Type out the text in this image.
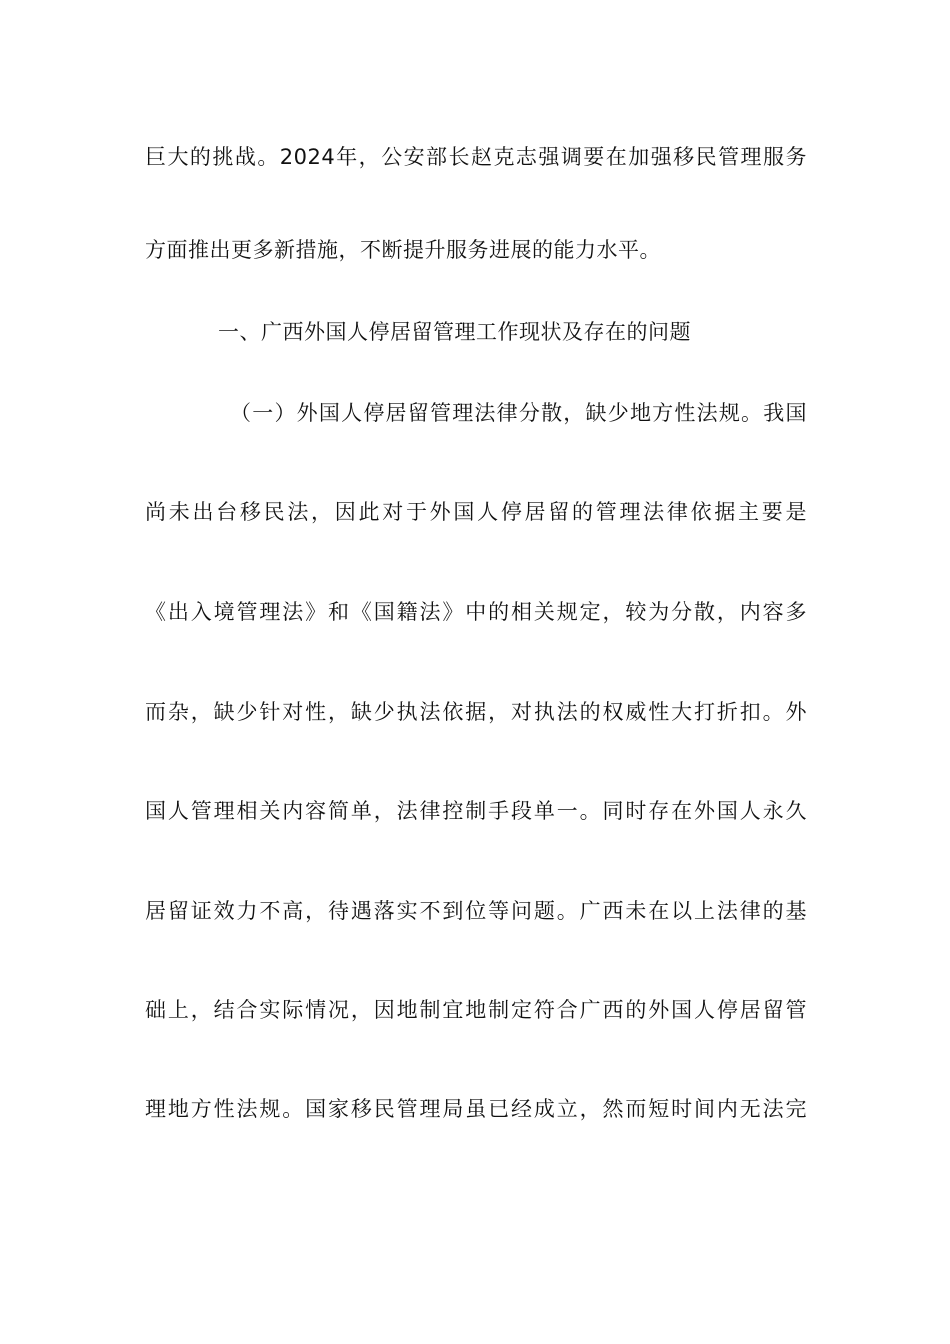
巨大的挑战。2024年，公安部长赵克志强调要在加强移民管理服务
方面推出更多新措施，不断提升服务进展的能力水平。
一、广西外国人停居留管理工作现状及存在的问题
（一）外国人停居留管理法律分散，缺少地方性法规。我国
尚未出台移民法，因此对于外国人停居留的管理法律依据主要是
《出入境管理法》和《国籍法》中的相关规定，较为分散，内容多
而杂，缺少针对性，缺少执法依据，对执法的权威性大打折扣。外
国人管理相关内容简单，法律控制手段单一。同时存在外国人永久
居留证效力不高，待遇落实不到位等问题。广西未在以上法律的基
础上，结合实际情况，因地制宜地制定符合广西的外国人停居留管
理地方性法规。国家移民管理局虽已经成立，然而短时间内无法完
